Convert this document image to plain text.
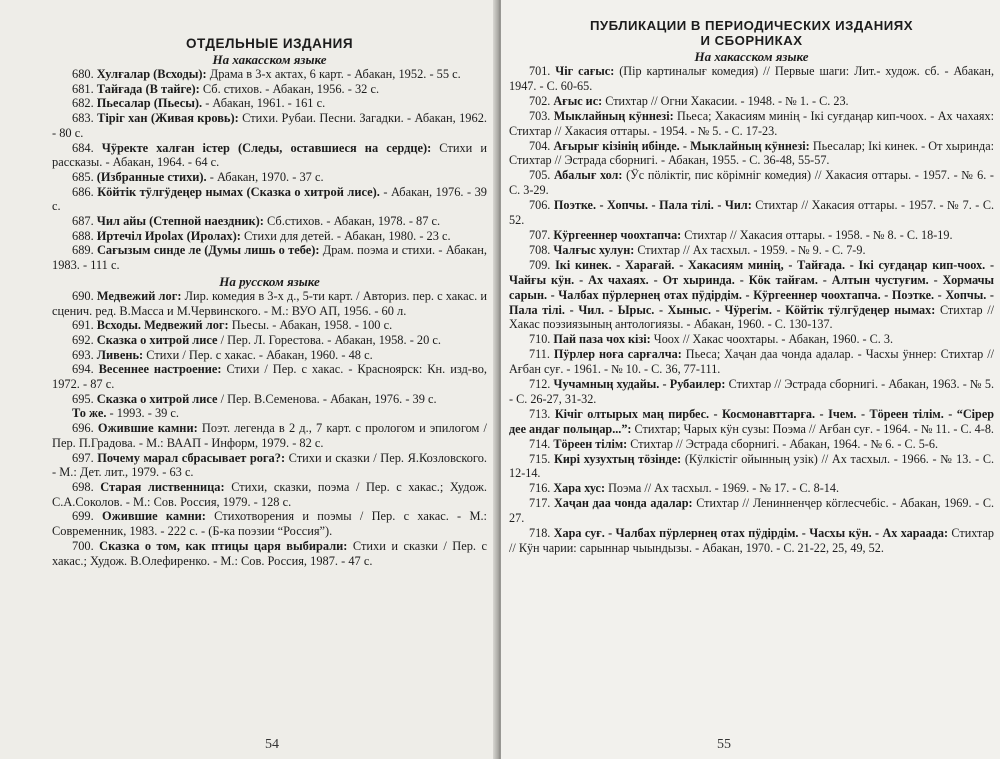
ОТДЕЛЬНЫЕ ИЗДАНИЯ
На хакасском языке

680. Хулғалар (Всходы): Драма в 3-х актах, 6 карт. - Абакан, 1952. - 55 с.

681. Тайғада (В тайге): Сб. стихов. - Абакан, 1956. - 32 с.

682. Пьесалар (Пьесы). - Абакан, 1961. - 161 с.

683. Тіріг хан (Живая кровь): Стихи. Рубаи. Песни. Загадки. - Абакан, 1962. - 80 с.

684. Чӱректе халған істер (Следы, оставшиеся на сердце): Стихи и рассказы. - Абакан, 1964. - 64 с.

685. (Избранные стихи). - Абакан, 1970. - 37 с.

686. Кӧйтік тӱлгӱдеңер нымах (Сказка о хитрой лисе). - Абакан, 1976. - 39 с.

687. Чил айы (Степной наездник): Сб.стихов. - Абакан, 1978. - 87 с.

688. Иртечіл Ироlax (Иролах): Стихи для детей. - Абакан, 1980. - 23 с.

689. Сағызым синде ле (Думы лишь о тебе): Драм. поэма и стихи. - Абакан, 1983. - 111 с.

На русском языке

690. Медвежий лог: Лир. комедия в 3-х д., 5-ти карт. / Авториз. пер. с хакас. и сценич. ред. В.Масса и М.Червинского. - М.: ВУО АП, 1956. - 60 л.

691. Всходы. Медвежий лог: Пьесы. - Абакан, 1958. - 100 с.

692. Сказка о хитрой лисе / Пер. Л. Горестова. - Абакан, 1958. - 20 с.

693. Ливень: Стихи / Пер. с хакас. - Абакан, 1960. - 48 с.

694. Весеннее настроение: Стихи / Пер. с хакас. - Красноярск: Кн. изд-во, 1972. - 87 с.

695. Сказка о хитрой лисе / Пер. В.Семенова. - Абакан, 1976. - 39 с.

То же. - 1993. - 39 с.

696. Ожившие камни: Поэт. легенда в 2 д., 7 карт. с прологом и эпилогом / Пер. П.Градова. - М.: ВААП - Информ, 1979. - 82 с.

697. Почему марал сбрасывает рога?: Стихи и сказки / Пер. Я.Козловского. - М.: Дет. лит., 1979. - 63 с.

698. Старая лиственница: Стихи, сказки, поэма / Пер. с хакас.; Худож. С.А.Соколов. - М.: Сов. Россия, 1979. - 128 с.

699. Ожившие камни: Стихотворения и поэмы / Пер. с хакас. - М.: Современник, 1983. - 222 с. - (Б-ка поэзии “Россия”).

700. Сказка о том, как птицы царя выбирали: Стихи и сказки / Пер. с хакас.; Худож. В.Олефиренко. - М.: Сов. Россия, 1987. - 47 с.

54
ПУБЛИКАЦИИ В ПЕРИОДИЧЕСКИХ ИЗДАНИЯХ
И СБОРНИКАХ
На хакасском языке

701. Чіг сағыс: (Пір картиналығ комедия) // Первые шаги: Лит.- худож. сб. - Абакан, 1947. - С. 60-65.

702. Ағыс ис: Стихтар // Огни Хакасии. - 1948. - № 1. - С. 23.

703. Мыклайның кӱннезі: Пьеса; Хакасиям минің - Ікі суғдаңар кип-чоох. - Ах чахаях: Стихтар // Хакасия оттары. - 1954. - № 5. - С. 17-23.

704. Ағырығ кізінің ибінде. - Мыклайның кӱннезі: Пьесалар; Ікі кинек. - От хыринда: Стихтар // Эстрада сборнигі. - Абакан, 1955. - С. 36-48, 55-57.

705. Абалығ хол: (Ӱс пӧліктіг, пис кӧрімніг комедия) // Хакасия оттары. - 1957. - № 6. - С. 3-29.

706. Поэтке. - Хопчы. - Пала тілі. - Чил: Стихтар // Хакасия оттары. - 1957. - № 7. - С. 52.

707. Кӱргееннер чоохтапча: Стихтар // Хакасия оттары. - 1958. - № 8. - С. 18-19.

708. Чалғыс хулун: Стихтар // Ах тасхыл. - 1959. - № 9. - С. 7-9.

709. Ікі кинек. - Харағай. - Хакасиям минің, - Тайғада. - Ікі суғдаңар кип-чоох. - Чайғы кӱн. - Ах чахаях. - От хыринда. - Кӧк тайғам. - Алтын чустуғим. - Хормачы сарын. - Чалбах пӱрлернең отах пӱдірдім. - Кӱргееннер чоохтапча. - Поэтке. - Хопчы. - Пала тілі. - Чил. - Ырыс. - Хыныс. - Чӱрегім. - Кӧйтік тӱлгӱдеңер нымах: Стихтар // Хакас поэзиязының антологиязы. - Абакан, 1960. - С. 130-137.

710. Пай паза чох кізі: Чоох // Хакас чоохтары. - Абакан, 1960. - С. 3.

711. Пӱрлер ноға сарғалча: Пьеса; Хаҷан даа чонда адалар. - Часхы ӱннер: Стихтар // Ағбан суғ. - 1961. - № 10. - С. 36, 77-111.

712. Чучамның худайы. - Рубаилер: Стихтар // Эстрада сборнигі. - Абакан, 1963. - № 5. - С. 26-27, 31-32.

713. Кічіг олтырых маң пирбес. - Космонавттарға. - Ічем. - Тӧреен тілім. - “Сірер дее андағ полыңар...”: Стихтар; Чарых кӱн сузы: Поэма // Ағбан суғ. - 1964. - № 11. - С. 4-8.

714. Тӧреен тілім: Стихтар // Эстрада сборнигі. - Абакан, 1964. - № 6. - С. 5-6.

715. Кирі хузухтың тӧзінде: (Кӱлкістіг ойынның узік) // Ах тасхыл. - 1966. - № 13. - С. 12-14.

716. Хара хус: Поэма // Ах тасхыл. - 1969. - № 17. - С. 8-14.

717. Хаҷан даа чонда адалар: Стихтар // Ленинненҷер кӧглесчебіс. - Абакан, 1969. - С. 27.

718. Хара суғ. - Чалбах пӱрлернең отах пӱдірдім. - Часхы кӱн. - Ах хараада: Стихтар // Кӱн чарии: сарыннар чыындызы. - Абакан, 1970. - С. 21-22, 25, 49, 52.

55
